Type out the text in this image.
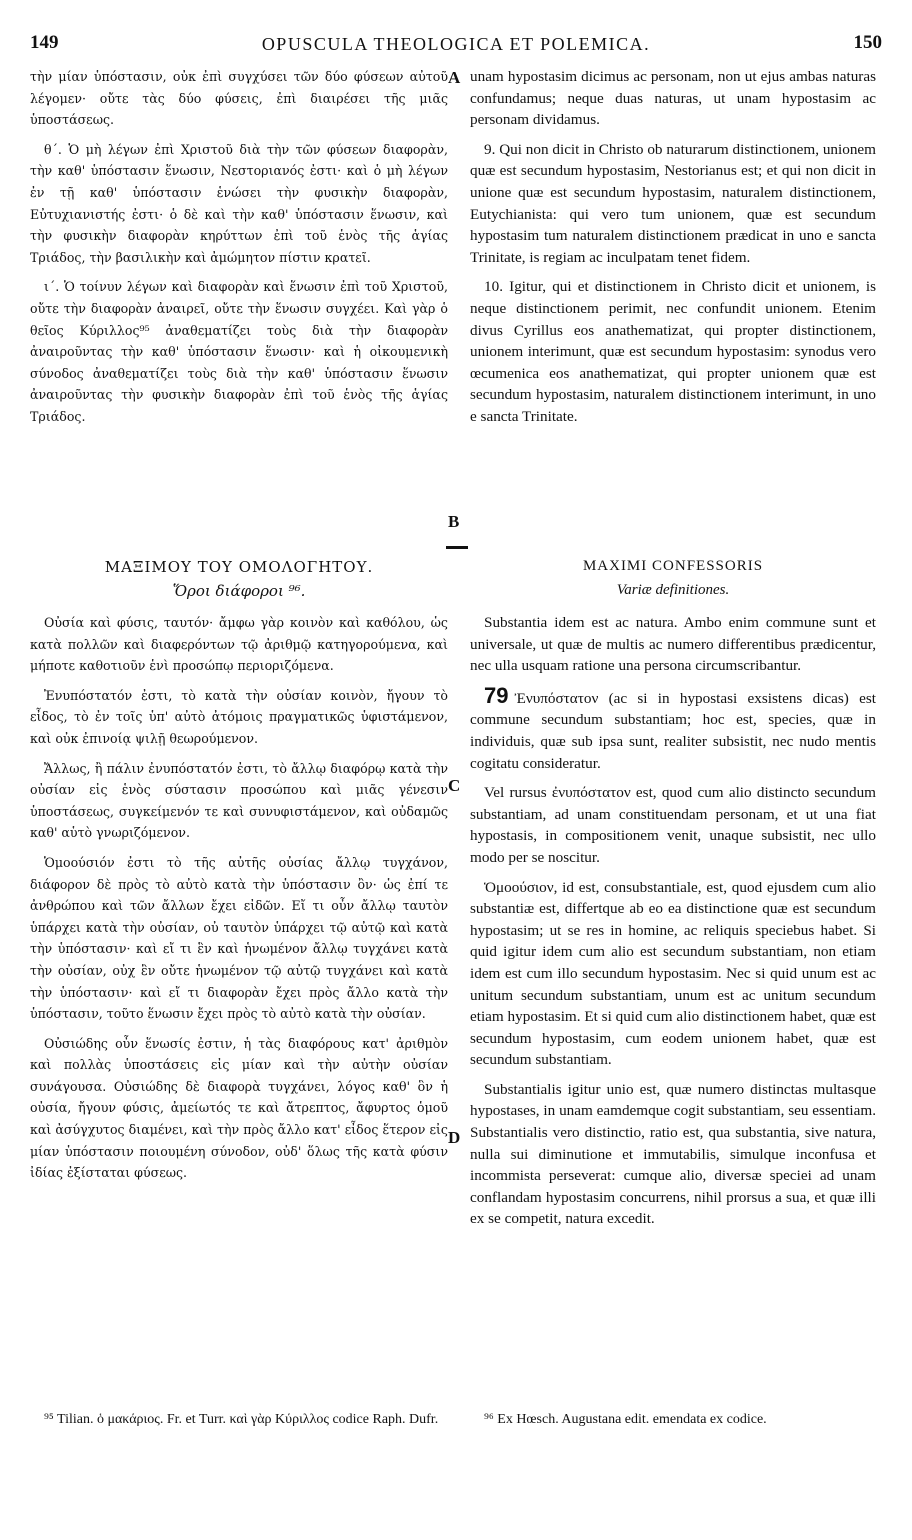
149	OPUSCULA THEOLOGICA ET POLEMICA.	150

τὴν μίαν ὑπόστασιν, οὐκ ἐπὶ συγχύσει τῶν δύο φύσεων αὐτοῦ λέγομεν· οὔτε τὰς δύο φύσεις, ἐπὶ διαιρέσει τῆς μιᾶς ὑποστάσεως.

θ΄. Ὁ μὴ λέγων ἐπὶ Χριστοῦ διὰ τὴν τῶν φύσεων διαφορὰν, τὴν καθ' ὑπόστασιν ἕνωσιν, Νεστοριανός ἐστι· καὶ ὁ μὴ λέγων ἐν τῇ καθ' ὑπόστασιν ἑνώσει τὴν φυσικὴν διαφορὰν, Εὐτυχιανιστής ἐστι· ὁ δὲ καὶ τὴν καθ' ὑπόστασιν ἕνωσιν, καὶ τὴν φυσικὴν διαφορὰν κηρύττων ἐπὶ τοῦ ἑνὸς τῆς ἁγίας Τριάδος, τὴν βασιλικὴν καὶ ἀμώμητον πίστιν κρατεῖ.

ι΄. Ὁ τοίνυν λέγων καὶ διαφορὰν καὶ ἕνωσιν ἐπὶ τοῦ Χριστοῦ, οὔτε τὴν διαφορὰν ἀναιρεῖ, οὔτε τὴν ἕνωσιν συγχέει. Καὶ γὰρ ὁ θεῖος Κύριλλος⁹⁵ ἀναθεματίζει τοὺς διὰ τὴν διαφορὰν ἀναιροῦντας τὴν καθ' ὑπόστασιν ἕνωσιν· καὶ ἡ οἰκουμενικὴ σύνοδος ἀναθεματίζει τοὺς διὰ τὴν καθ' ὑπόστασιν ἕνωσιν ἀναιροῦντας τὴν φυσικὴν διαφορὰν ἐπὶ τοῦ ἑνὸς τῆς ἁγίας Τριάδος.

unam hypostasim dicimus ac personam, non ut ejus ambas naturas confundamus; neque duas naturas, ut unam hypostasim ac personam dividamus.

9. Qui non dicit in Christo ob naturarum distinctionem, unionem quæ est secundum hypostasim, Nestorianus est; et qui non dicit in unione quæ est secundum hypostasim, naturalem distinctionem, Eutychianista: qui vero tum unionem, quæ est secundum hypostasim tum naturalem distinctionem prædicat in uno e sancta Trinitate, is regiam ac inculpatam tenet fidem.

10. Igitur, qui et distinctionem in Christo dicit et unionem, is neque distinctionem perimit, nec confundit unionem. Etenim divus Cyrillus eos anathematizat, qui propter distinctionem, unionem interimunt, quæ est secundum hypostasim: synodus vero œcumenica eos anathematizat, qui propter unionem quæ est secundum hypostasim, naturalem distinctionem interimunt, in uno e sancta Trinitate.

A
B
ΜΑΞΙΜΟΥ ΤΟΥ ΟΜΟΛΟΓΗΤΟΥ.
Ὅροι διάφοροι ⁹⁶.
MAXIMI CONFESSORIS
Variæ definitiones.

Οὐσία καὶ φύσις, ταυτόν· ἄμφω γὰρ κοινὸν καὶ καθόλου, ὡς κατὰ πολλῶν καὶ διαφερόντων τῷ ἀριθμῷ κατηγορούμενα, καὶ μήποτε καθοτιοῦν ἑνὶ προσώπῳ περιοριζόμενα.

Ἐνυπόστατόν ἐστι, τὸ κατὰ τὴν οὐσίαν κοινὸν, ἤγουν τὸ εἶδος, τὸ ἐν τοῖς ὑπ' αὐτὸ ἀτόμοις πραγματικῶς ὑφιστάμενον, καὶ οὐκ ἐπινοίᾳ ψιλῇ θεωρούμενον.

Ἄλλως, ἢ πάλιν ἐνυπόστατόν ἐστι, τὸ ἄλλῳ διαφόρῳ κατὰ τὴν οὐσίαν εἰς ἑνὸς σύστασιν προσώπου καὶ μιᾶς γένεσιν ὑποστάσεως, συγκείμενόν τε καὶ συνυφιστάμενον, καὶ οὐδαμῶς καθ' αὑτὸ γνωριζόμενον.

Ὁμοούσιόν ἐστι τὸ τῆς αὐτῆς οὐσίας ἄλλῳ τυγχάνον, διάφορον δὲ πρὸς τὸ αὐτὸ κατὰ τὴν ὑπόστασιν ὂν· ὡς ἐπί τε ἀνθρώπου καὶ τῶν ἄλλων ἔχει εἰδῶν. Εἴ τι οὖν ἄλλῳ ταυτὸν ὑπάρχει κατὰ τὴν οὐσίαν, οὐ ταυτὸν ὑπάρχει τῷ αὐτῷ καὶ κατὰ τὴν ὑπόστασιν· καὶ εἴ τι ἓν καὶ ἡνωμένον ἄλλῳ τυγχάνει κατὰ τὴν οὐσίαν, οὐχ ἓν οὔτε ἡνωμένον τῷ αὐτῷ τυγχάνει καὶ κατὰ τὴν ὑπόστασιν· καὶ εἴ τι διαφορὰν ἔχει πρὸς ἄλλο κατὰ τὴν ὑπόστασιν, τοῦτο ἕνωσιν ἔχει πρὸς τὸ αὐτὸ κατὰ τὴν οὐσίαν.

Οὐσιώδης οὖν ἕνωσίς ἐστιν, ἡ τὰς διαφόρους κατ' ἀριθμὸν καὶ πολλὰς ὑποστάσεις εἰς μίαν καὶ τὴν αὐτὴν οὐσίαν συνάγουσα. Οὐσιώδης δὲ διαφορὰ τυγχάνει, λόγος καθ' ὃν ἡ οὐσία, ἤγουν φύσις, ἀμείωτός τε καὶ ἄτρεπτος, ἄφυρτος ὁμοῦ καὶ ἀσύγχυτος διαμένει, καὶ τὴν πρὸς ἄλλο κατ' εἶδος ἕτερον εἰς μίαν ὑπόστασιν ποιουμένη σύνοδον, οὐδ' ὅλως τῆς κατὰ φύσιν ἰδίας ἐξίσταται φύσεως.

Substantia idem est ac natura. Ambo enim commune sunt et universale, ut quæ de multis ac numero differentibus prædicentur, nec ulla usquam ratione una persona circumscribantur.

79 Ἐνυπόστατον (ac si in hypostasi exsistens dicas) est commune secundum substantiam; hoc est, species, quæ in individuis, quæ sub ipsa sunt, realiter subsistit, nec nudo mentis cogitatu consideratur.

Vel rursus ἐνυπόστατον est, quod cum alio distincto secundum substantiam, ad unam constituendam personam, et ut una fiat hypostasis, in compositionem venit, unaque subsistit, nec ullo modo per se noscitur.

Ὁμοούσιον, id est, consubstantiale, est, quod ejusdem cum alio substantiæ est, differtque ab eo ea distinctione quæ est secundum hypostasim; ut se res in homine, ac reliquis speciebus habet. Si quid igitur idem cum alio est secundum substantiam, non etiam idem est cum illo secundum hypostasim. Nec si quid unum est ac unitum secundum substantiam, unum est ac unitum secundum etiam hypostasim. Et si quid cum alio distinctionem habet, quæ est secundum hypostasim, cum eodem unionem habet, quæ est secundum substantiam.

Substantialis igitur unio est, quæ numero distinctas multasque hypostases, in unam eamdemque cogit substantiam, seu essentiam. Substantialis vero distinctio, ratio est, qua substantia, sive natura, nulla sui diminutione et immutabilis, simulque inconfusa et incommista perseverat: cumque alio, diversæ speciei ad unam conflandam hypostasim concurrens, nihil prorsus a sua, et quæ illi ex se competit, natura excedit.

C
D
⁹⁵ Tilian. ὁ μακάριος. Fr. et Turr. καὶ γὰρ Κύριλλος codice Raph. Dufr.	⁹⁶ Ex Hœsch. Augustana edit. emendata ex codice.
